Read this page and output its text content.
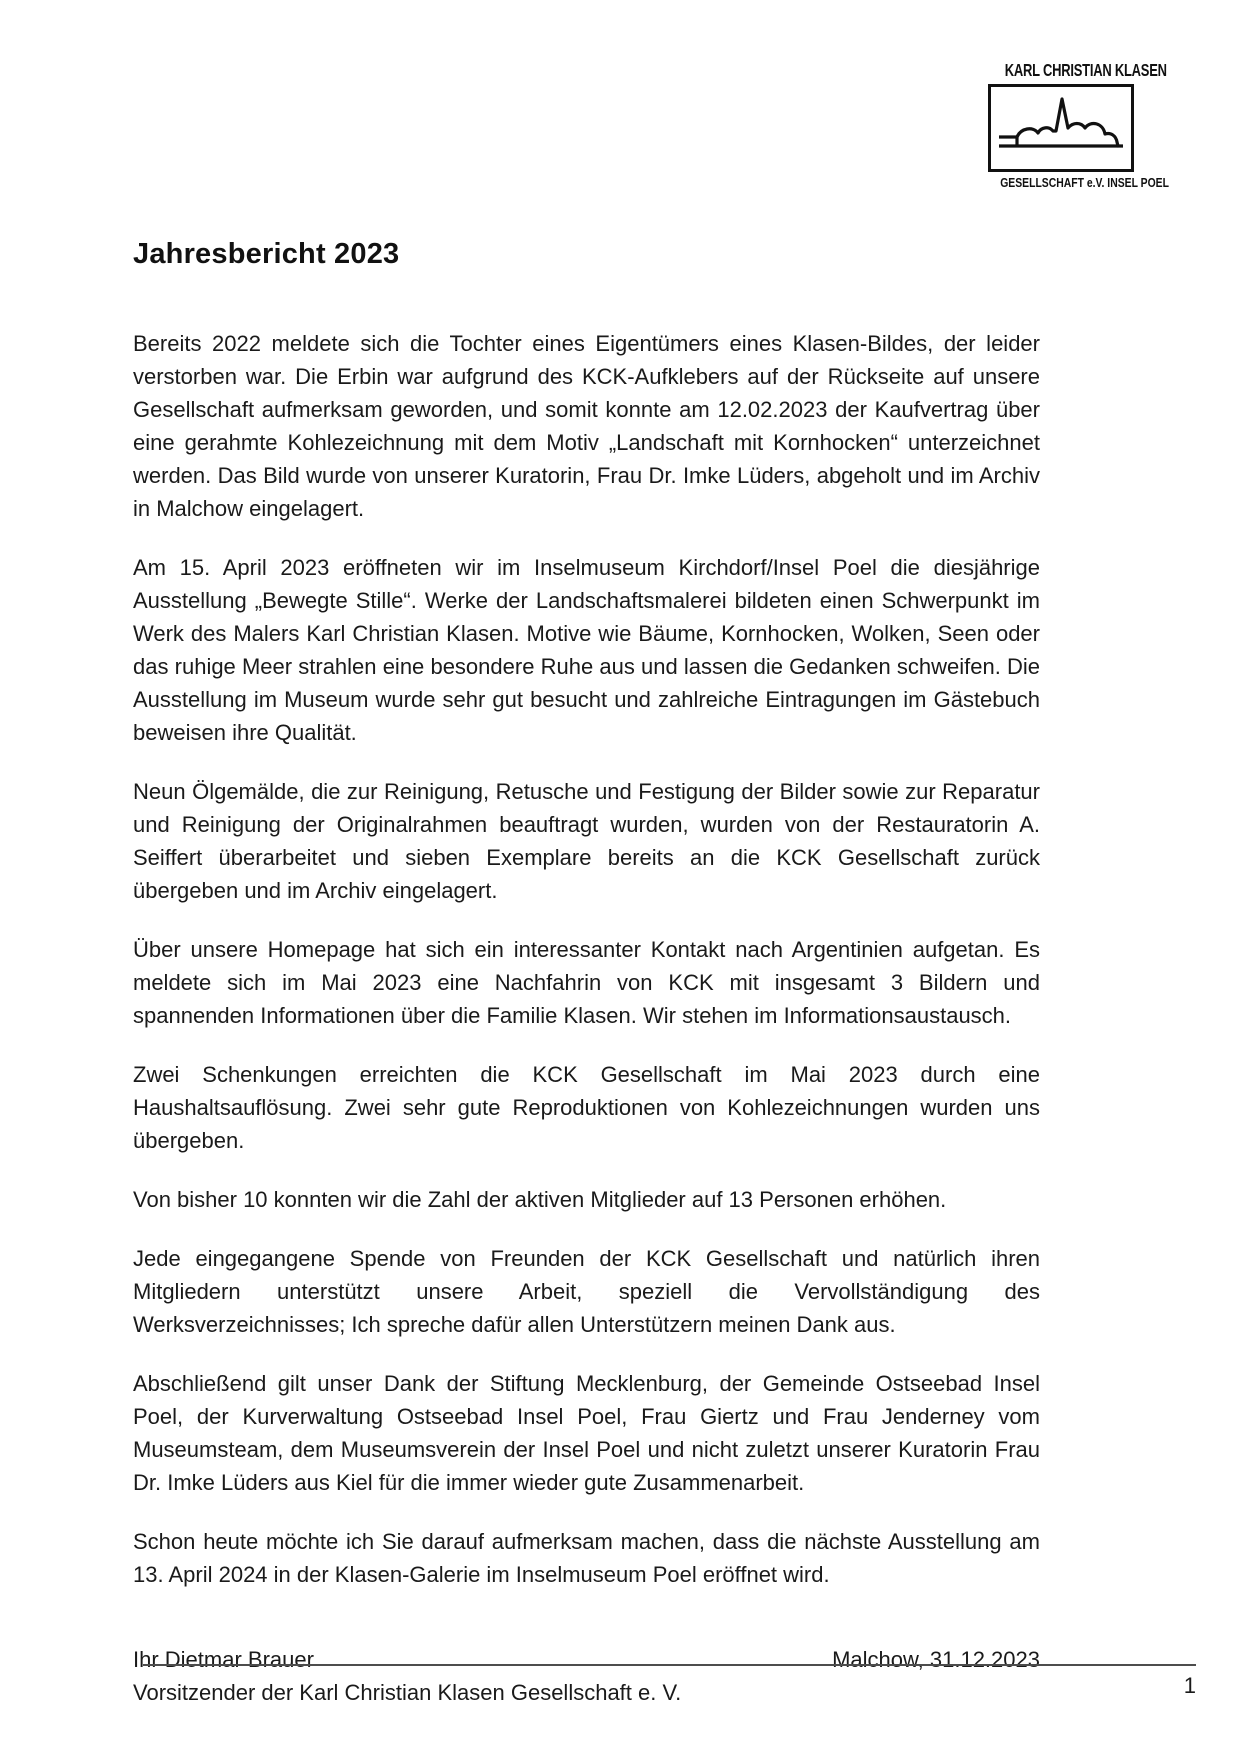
KARL CHRISTIAN KLASEN
GESELLSCHAFT e.V. INSEL POEL
Jahresbericht 2023

Bereits 2022 meldete sich die Tochter eines Eigentümers eines Klasen-Bildes, der leider verstorben war. Die Erbin war aufgrund des KCK-Aufklebers auf der Rückseite auf unsere Gesellschaft aufmerksam geworden, und somit konnte am 12.02.2023 der Kaufvertrag über eine gerahmte Kohlezeichnung mit dem Motiv „Landschaft mit Kornhocken“ unterzeichnet werden. Das Bild wurde von unserer Kuratorin, Frau Dr. Imke Lüders, abgeholt und im Archiv in Malchow eingelagert.

Am 15. April 2023 eröffneten wir im Inselmuseum Kirchdorf/Insel Poel die diesjährige Ausstellung „Bewegte Stille“. Werke der Landschaftsmalerei bildeten einen Schwerpunkt im Werk des Malers Karl Christian Klasen. Motive wie Bäume, Kornhocken, Wolken, Seen oder das ruhige Meer strahlen eine besondere Ruhe aus und lassen die Gedanken schweifen. Die Ausstellung im Museum wurde sehr gut besucht und zahlreiche Eintragungen im Gästebuch beweisen ihre Qualität.

Neun Ölgemälde, die zur Reinigung, Retusche und Festigung der Bilder sowie zur Reparatur und Reinigung der Originalrahmen beauftragt wurden, wurden von der Restauratorin A. Seiffert überarbeitet und sieben Exemplare bereits an die KCK Gesellschaft zurück übergeben und im Archiv eingelagert.

Über unsere Homepage hat sich ein interessanter Kontakt nach Argentinien aufgetan. Es meldete sich im Mai 2023 eine Nachfahrin von KCK mit insgesamt 3 Bildern und spannenden Informationen über die Familie Klasen. Wir stehen im Informationsaustausch.

Zwei Schenkungen erreichten die KCK Gesellschaft im Mai 2023 durch eine Haushaltsauflösung. Zwei sehr gute Reproduktionen von Kohlezeichnungen wurden uns übergeben.

Von bisher 10 konnten wir die Zahl der aktiven Mitglieder auf 13 Personen erhöhen.

Jede eingegangene Spende von Freunden der KCK Gesellschaft und natürlich ihren Mitgliedern unterstützt unsere Arbeit, speziell die Vervollständigung des Werksverzeichnisses; Ich spreche dafür allen Unterstützern meinen Dank aus.

Abschließend gilt unser Dank der Stiftung Mecklenburg, der Gemeinde Ostseebad Insel Poel, der Kurverwaltung Ostseebad Insel Poel, Frau Giertz und Frau Jenderney vom Museumsteam, dem Museumsverein der Insel Poel und nicht zuletzt unserer Kuratorin Frau Dr. Imke Lüders aus Kiel für die immer wieder gute Zusammenarbeit.

Schon heute möchte ich Sie darauf aufmerksam machen, dass die nächste Ausstellung am 13. April 2024 in der Klasen-Galerie im Inselmuseum Poel eröffnet wird.

Ihr Dietmar Brauer
Vorsitzender der Karl Christian Klasen Gesellschaft e. V.
Malchow, 31.12.2023
1
